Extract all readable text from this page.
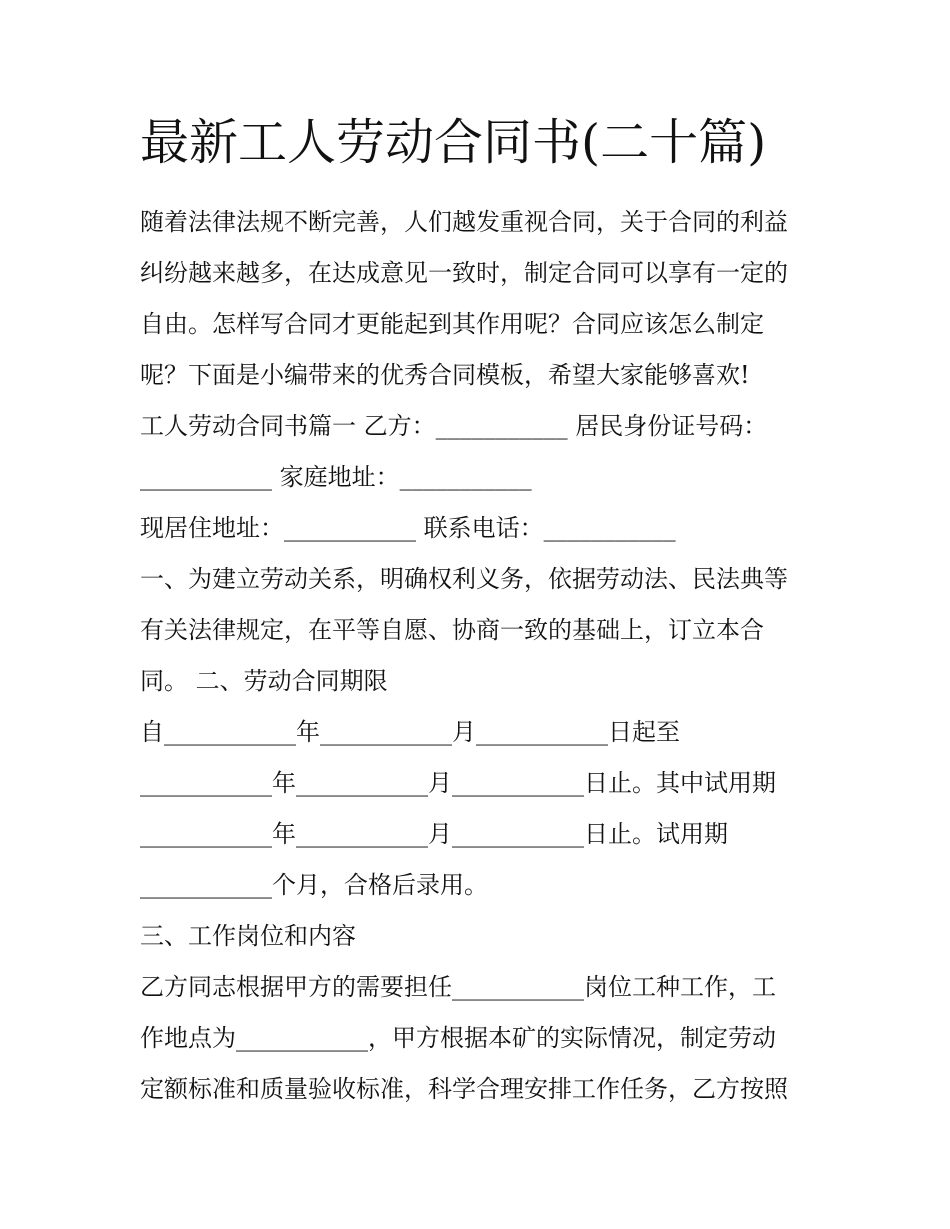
最新工人劳动合同书(二十篇)
随着法律法规不断完善，人们越发重视合同，关于合同的利益
纠纷越来越多，在达成意见一致时，制定合同可以享有一定的
自由。怎样写合同才更能起到其作用呢？合同应该怎么制定
呢？下面是小编带来的优秀合同模板，希望大家能够喜欢!
工人劳动合同书篇一 乙方：___________ 居民身份证号码：
___________ 家庭地址：___________
现居住地址：___________ 联系电话：___________
一、为建立劳动关系，明确权利义务，依据劳动法、民法典等
有关法律规定，在平等自愿、协商一致的基础上，订立本合
同。 二、劳动合同期限
自___________年___________月___________日起至
___________年___________月___________日止。其中试用期
___________年___________月___________日止。试用期
___________个月，合格后录用。
三、工作岗位和内容
乙方同志根据甲方的需要担任___________岗位工种工作，工
作地点为___________，甲方根据本矿的实际情况，制定劳动
定额标准和质量验收标准，科学合理安排工作任务，乙方按照
